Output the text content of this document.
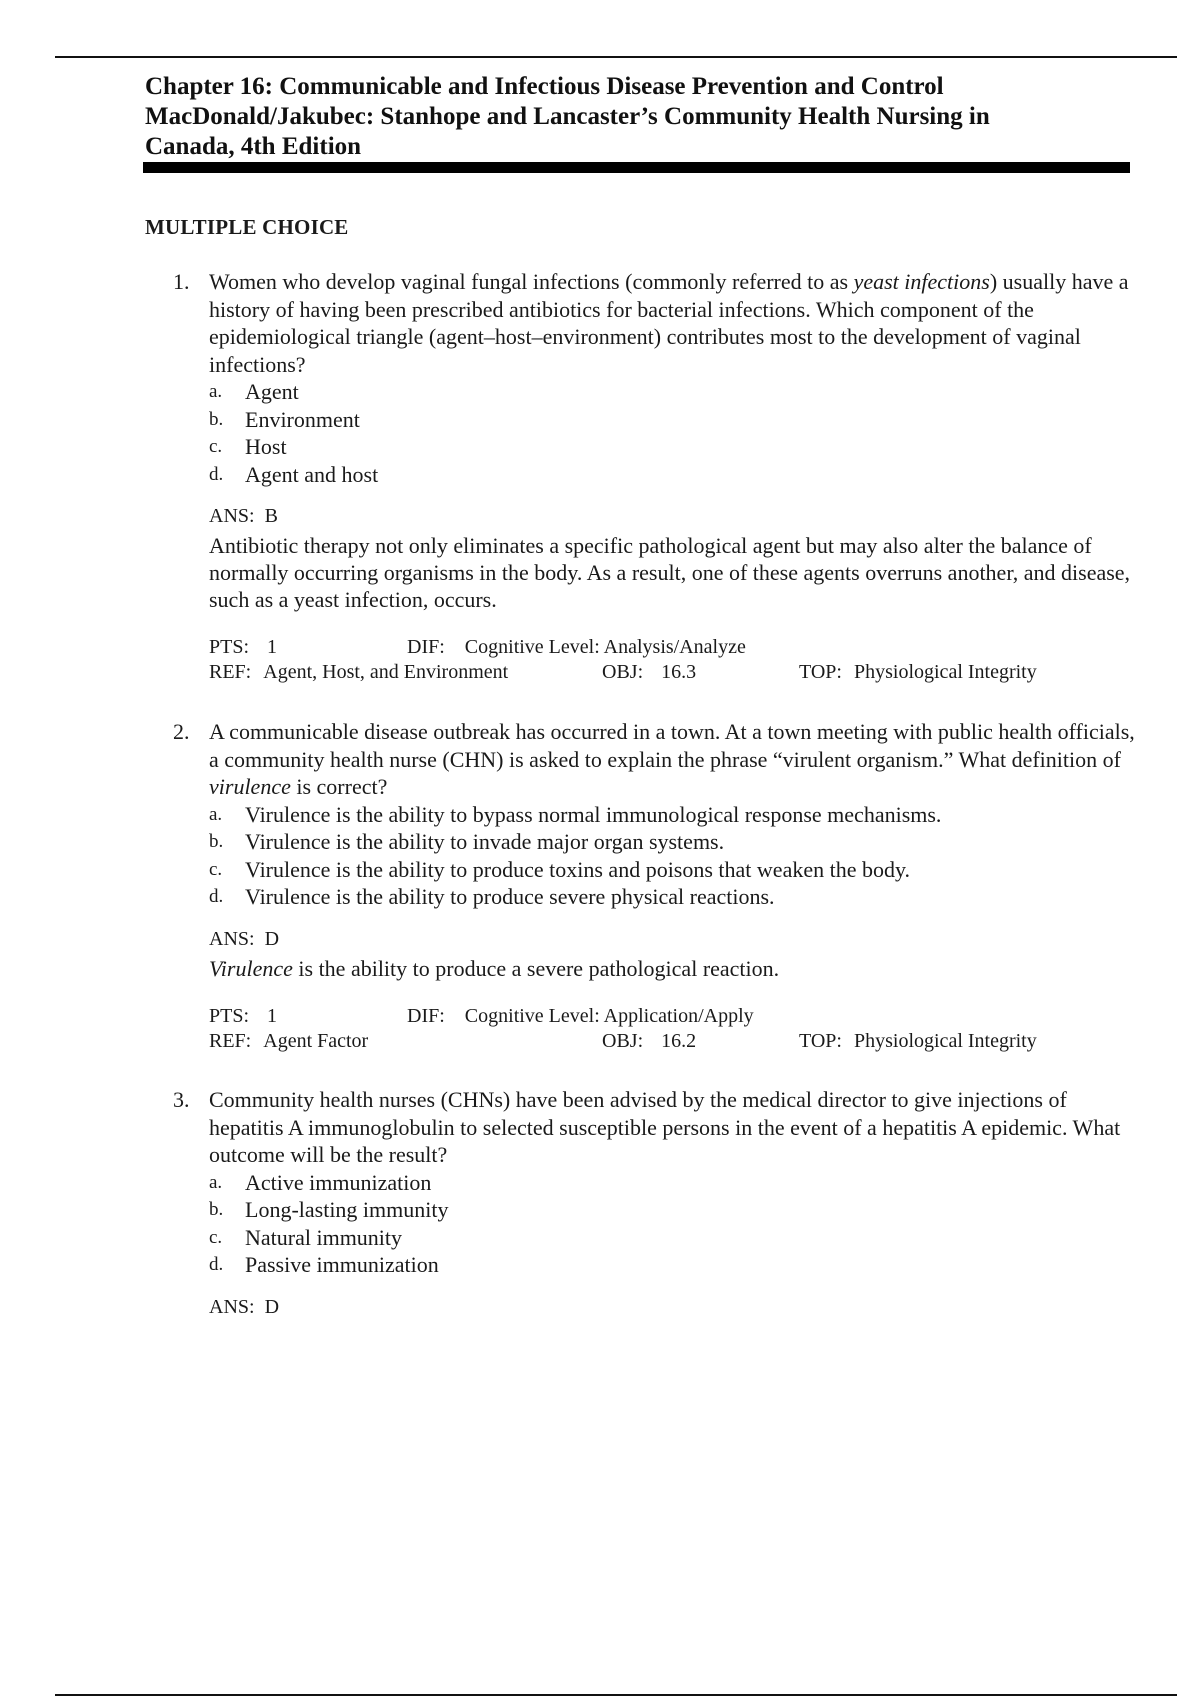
Chapter 16: Communicable and Infectious Disease Prevention and Control
MacDonald/Jakubec: Stanhope and Lancaster’s Community Health Nursing in
Canada, 4th Edition
MULTIPLE CHOICE
1. Women who develop vaginal fungal infections (commonly referred to as yeast infections) usually have a history of having been prescribed antibiotics for bacterial infections. Which component of the epidemiological triangle (agent–host–environment) contributes most to the development of vaginal infections?
a.	Agent
b. Environment
c.	Host
d. Agent and host
ANS: B
Antibiotic therapy not only eliminates a specific pathological agent but may also alter the balance of normally occurring organisms in the body. As a result, one of these agents overruns another, and disease, such as a yeast infection, occurs.
PTS: 1	DIF: Cognitive Level: Analysis/Analyze
REF: Agent, Host, and Environment	OBJ: 16.3	TOP: Physiological Integrity
2. A communicable disease outbreak has occurred in a town. At a town meeting with public health officials, a community health nurse (CHN) is asked to explain the phrase “virulent organism.” What definition of virulence is correct?
a.	Virulence is the ability to bypass normal immunological response mechanisms.
b. Virulence is the ability to invade major organ systems.
c.	Virulence is the ability to produce toxins and poisons that weaken the body.
d. Virulence is the ability to produce severe physical reactions.
ANS: D
Virulence is the ability to produce a severe pathological reaction.
PTS: 1	DIF: Cognitive Level: Application/Apply
REF: Agent Factor	OBJ: 16.2	TOP: Physiological Integrity
3. Community health nurses (CHNs) have been advised by the medical director to give injections of hepatitis A immunoglobulin to selected susceptible persons in the event of a hepatitis A epidemic. What outcome will be the result?
a.	Active immunization
b. Long-lasting immunity
c.	Natural immunity
d. Passive immunization
ANS: D
